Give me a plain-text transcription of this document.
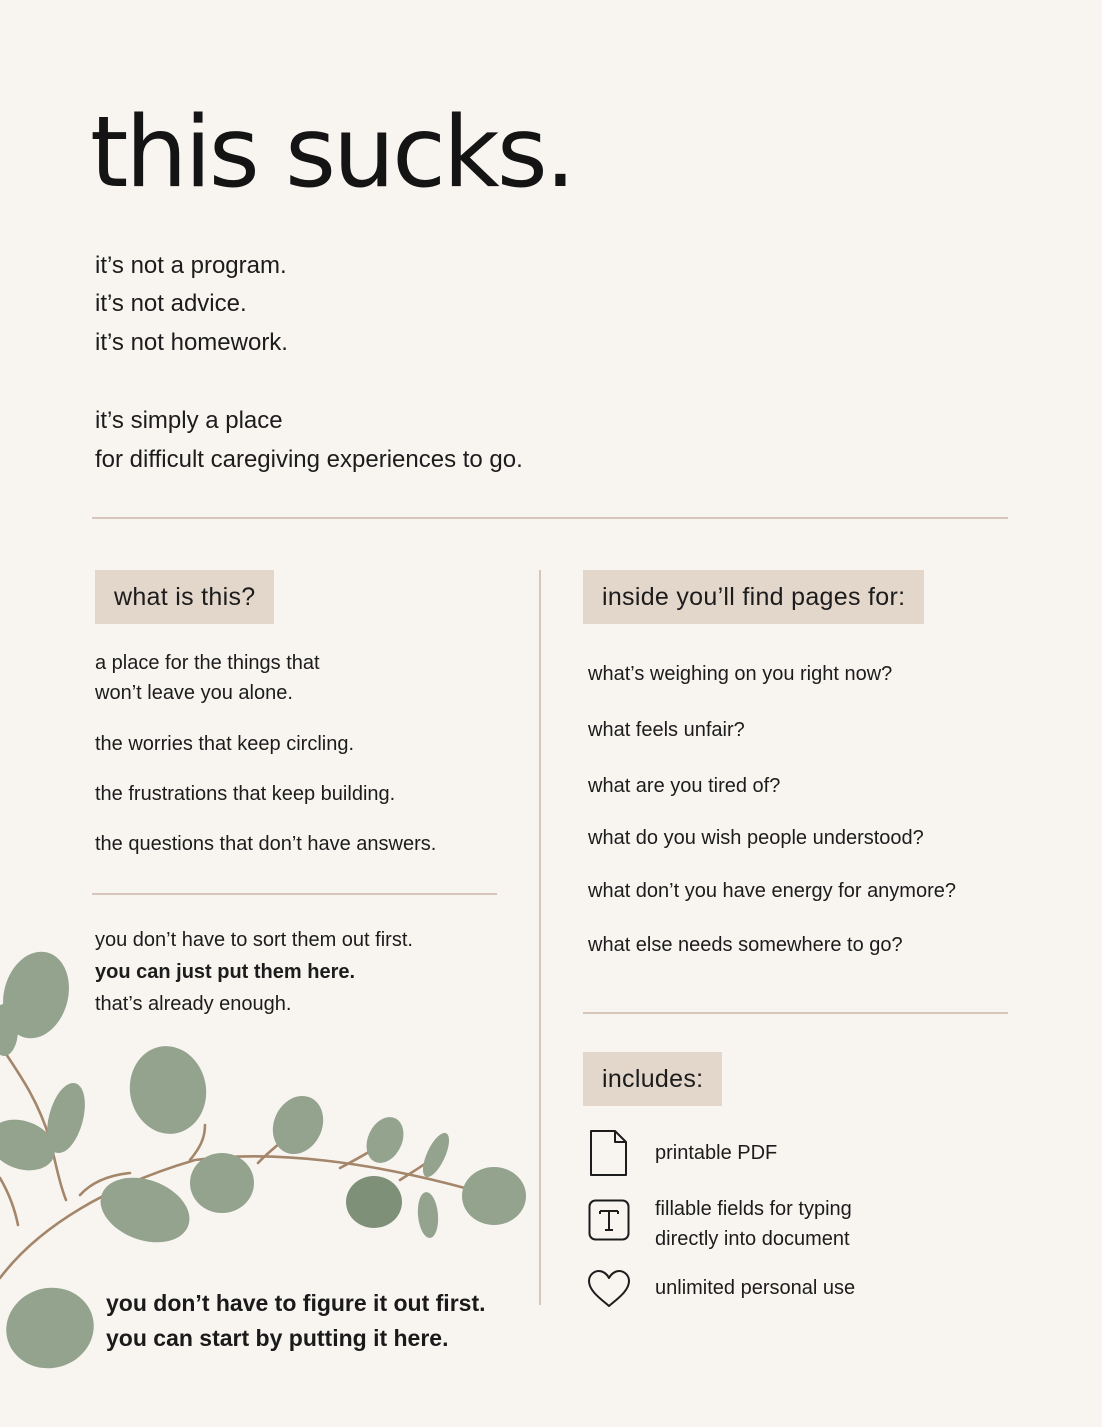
this sucks.
it’s not a program.
it’s not advice.
it’s not homework.
it’s simply a place
for difficult caregiving experiences to go.
what is this?
a place for the things that
won’t leave you alone.
the worries that keep circling.
the frustrations that keep building.
the questions that don’t have answers.
you don’t have to sort them out first.
you can just put them here.
that’s already enough.
inside you’ll find pages for:
what’s weighing on you right now?
what feels unfair?
what are you tired of?
what do you wish people understood?
what don’t you have energy for anymore?
what else needs somewhere to go?
includes:
printable PDF
fillable fields for typing
directly into document
unlimited personal use
you don’t have to figure it out first.
you can start by putting it here.
